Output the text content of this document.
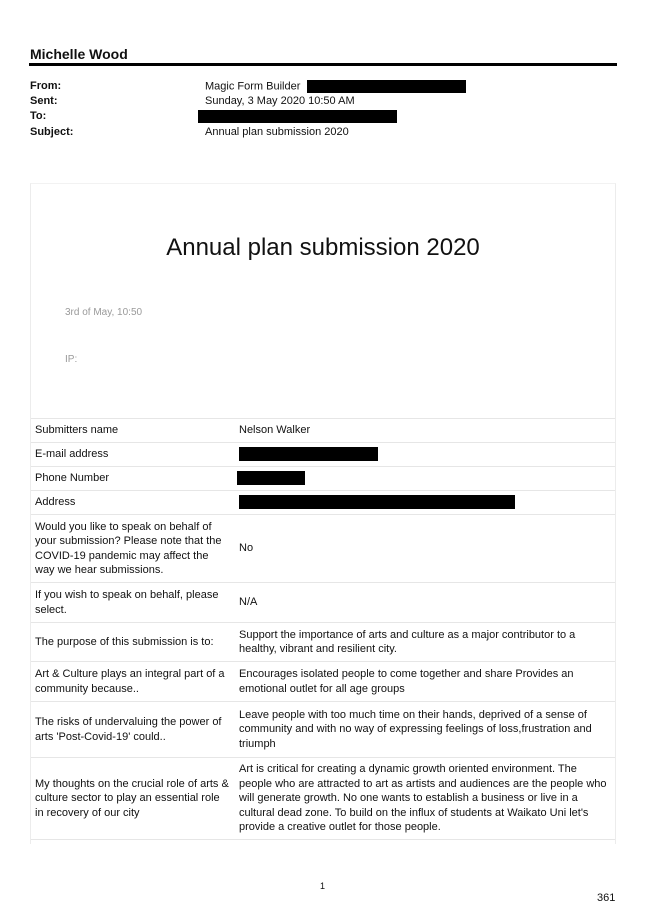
Michelle Wood
From:	Magic Form Builder
Sent:	Sunday, 3 May 2020 10:50 AM
To:
Subject:	Annual plan submission 2020
Annual plan submission 2020
3rd of May, 10:50
IP:
Submitters name	Nelson Walker
E-mail address	
Phone Number	
Address	
Would you like to speak on behalf of your submission? Please note that the COVID-19 pandemic may affect the way we hear submissions.	No
If you wish to speak on behalf, please select.	N/A
The purpose of this submission is to:	Support the importance of arts and culture as a major contributor to a healthy, vibrant and resilient city.
Art & Culture plays an integral part of a community because..	Encourages isolated people to come together and share Provides an emotional outlet for all age groups
The risks of undervaluing the power of arts 'Post-Covid-19' could..	Leave people with too much time on their hands, deprived of a sense of community and with no way of expressing feelings of loss,frustration and triumph
My thoughts on the crucial role of arts & culture sector to play an essential role in recovery of our city	Art is critical for creating a dynamic growth oriented environment. The people who are attracted to art as artists and audiences are the people who will generate growth. No one wants to establish a business or live in a cultural dead zone. To build on the influx of students at Waikato Uni let's provide a creative outlet for those people.
1
361
